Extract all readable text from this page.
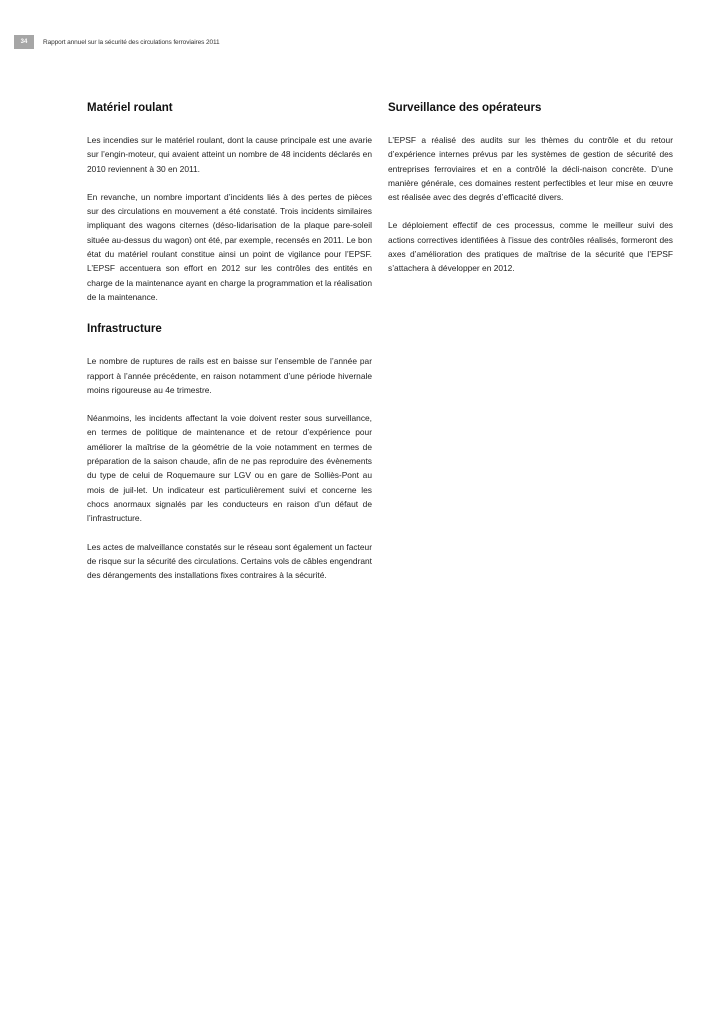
34	Rapport annuel sur la sécurité des circulations ferroviaires 2011
Matériel roulant

Les incendies sur le matériel roulant, dont la cause principale est une avarie sur l’engin-moteur, qui avaient atteint un nombre de 48 incidents déclarés en 2010 reviennent à 30 en 2011.

En revanche, un nombre important d’incidents liés à des pertes de pièces sur des circulations en mouvement a été constaté. Trois incidents similaires impliquant des wagons citernes (déso-lidarisation de la plaque pare-soleil située au-dessus du wagon) ont été, par exemple, recensés en 2011. Le bon état du matériel roulant constitue ainsi un point de vigilance pour l’EPSF. L’EPSF accentuera son effort en 2012 sur les contrôles des entités en charge de la maintenance ayant en charge la programmation et la réalisation de la maintenance.

Infrastructure

Le nombre de ruptures de rails est en baisse sur l’ensemble de l’année par rapport à l’année précédente, en raison notamment d’une période hivernale moins rigoureuse au 4e trimestre.

Néanmoins, les incidents affectant la voie doivent rester sous surveillance, en termes de politique de maintenance et de retour d’expérience pour améliorer la maîtrise de la géométrie de la voie notamment en termes de préparation de la saison chaude, afin de ne pas reproduire des évènements du type de celui de Roquemaure sur LGV ou en gare de Solliès-Pont au mois de juil-let. Un indicateur est particulièrement suivi et concerne les chocs anormaux signalés par les conducteurs en raison d’un défaut de l’infrastructure.

Les actes de malveillance constatés sur le réseau sont également un facteur de risque sur la sécurité des circulations. Certains vols de câbles engendrant des dérangements des installations fixes contraires à la sécurité.

Surveillance des opérateurs

L’EPSF a réalisé des audits sur les thèmes du contrôle et du retour d’expérience internes prévus par les systèmes de gestion de sécurité des entreprises ferroviaires et en a contrôlé la décli-naison concrète. D’une manière générale, ces domaines restent perfectibles et leur mise en œuvre est réalisée avec des degrés d’efficacité divers.

Le déploiement effectif de ces processus, comme le meilleur suivi des actions correctives identifiées à l’issue des contrôles réalisés, formeront des axes d’amélioration des pratiques de maîtrise de la sécurité que l’EPSF s’attachera à développer en 2012.
